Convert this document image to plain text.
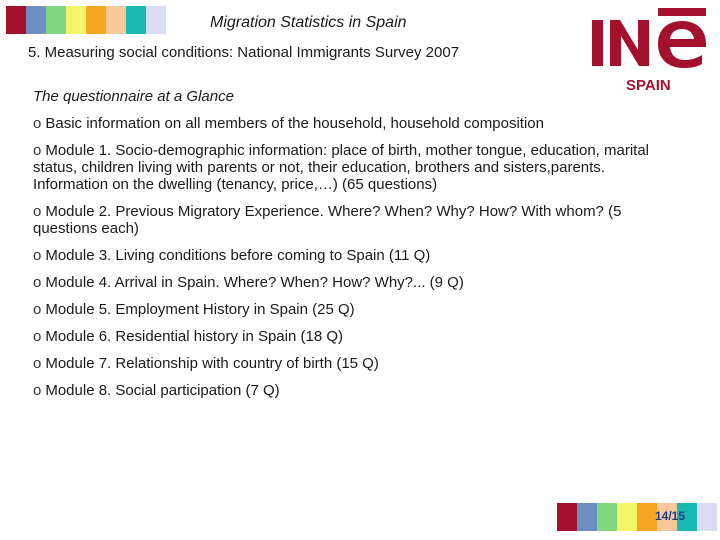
Migration Statistics in Spain
5. Measuring social conditions: National Immigrants Survey 2007
SPAIN
The questionnaire at a Glance
o Basic information on all members of the household, household composition
o Module 1. Socio-demographic information: place of birth, mother tongue, education, marital status, children living with parents or not, their education, brothers and sisters,parents. Information on the dwelling (tenancy, price,…) (65 questions)
o Module 2. Previous Migratory Experience. Where? When? Why? How? With whom? (5 questions each)
o Module 3. Living conditions before coming to Spain (11 Q)
o Module 4. Arrival in Spain. Where? When? How? Why?... (9 Q)
o Module 5. Employment History in Spain (25 Q)
o Module 6. Residential history in Spain (18 Q)
o Module 7. Relationship with country of birth (15 Q)
o Module 8. Social participation (7 Q)
14/15
